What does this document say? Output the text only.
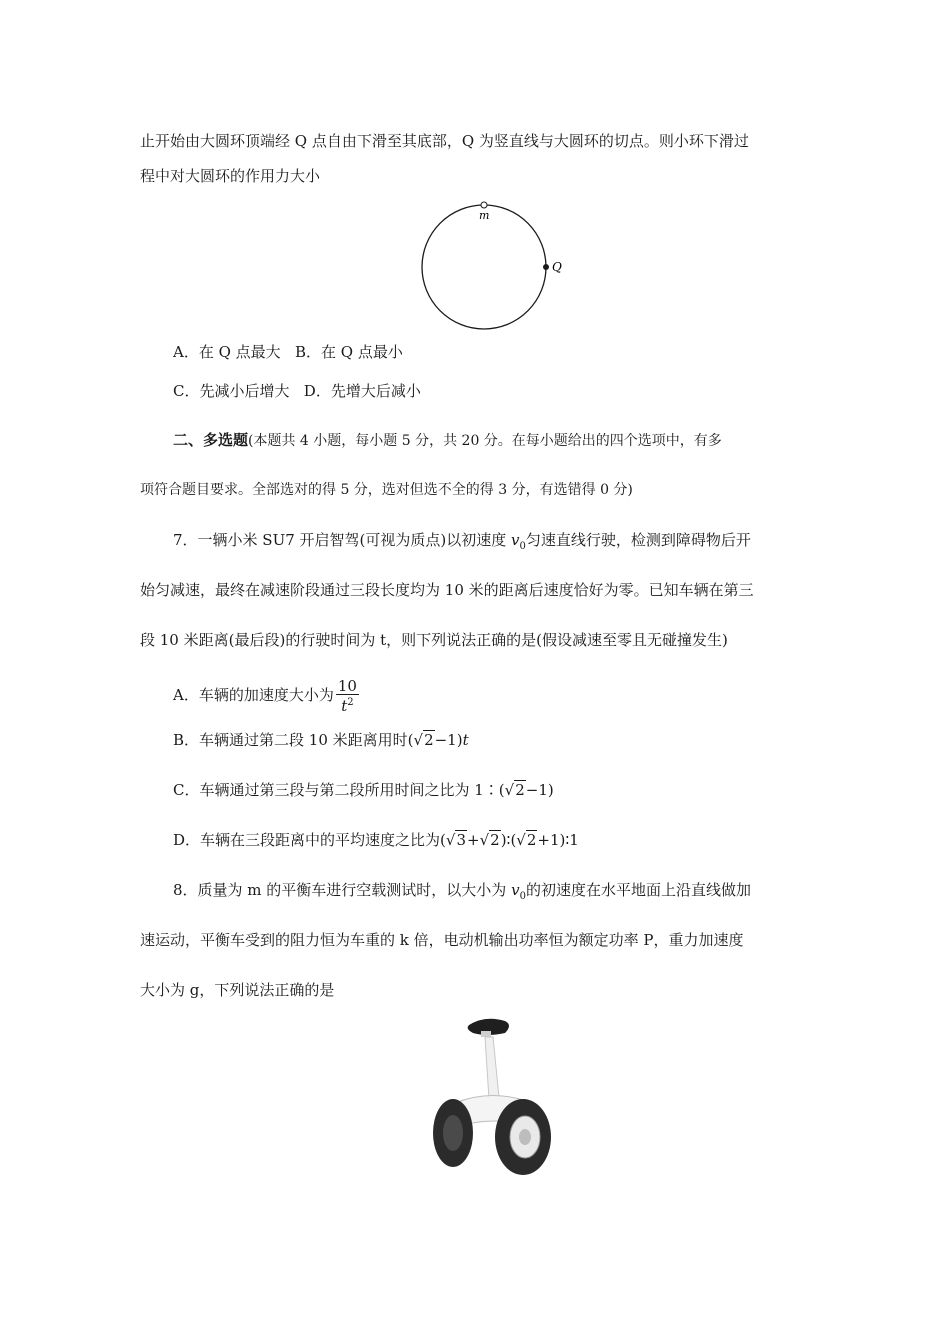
止开始由大圆环顶端经 Q 点自由下滑至其底部，Q 为竖直线与大圆环的切点。则小环下滑过
程中对大圆环的作用力大小
m
Q
A．在 Q 点最大 B．在 Q 点最小
C．先减小后增大 D．先增大后减小
二、多选题(本题共 4 小题，每小题 5 分，共 20 分。在每小题给出的四个选项中，有多
项符合题目要求。全部选对的得 5 分，选对但选不全的得 3 分，有选错得 0 分)
7．一辆小米 SU7 开启智驾(可视为质点)以初速度 $v_0$匀速直线行驶，检测到障碍物后开
始匀减速，最终在减速阶段通过三段长度均为 10 米的距离后速度恰好为零。已知车辆在第三
段 10 米距离(最后段)的行驶时间为 t，则下列说法正确的是(假设减速至零且无碰撞发生)
A．车辆的加速度大小为 $\frac{10}{t^2}$
B．车辆通过第二段 10 米距离用时(√2−1)t
C．车辆通过第三段与第二段所用时间之比为 1∶(√2−1)
D．车辆在三段距离中的平均速度之比为(√3+√2)∶(√2+1)∶1
8．质量为 m 的平衡车进行空载测试时，以大小为 $v_0$的初速度在水平地面上沿直线做加
速运动，平衡车受到的阻力恒为车重的 k 倍，电动机输出功率恒为额定功率 P，重力加速度
大小为 g，下列说法正确的是
